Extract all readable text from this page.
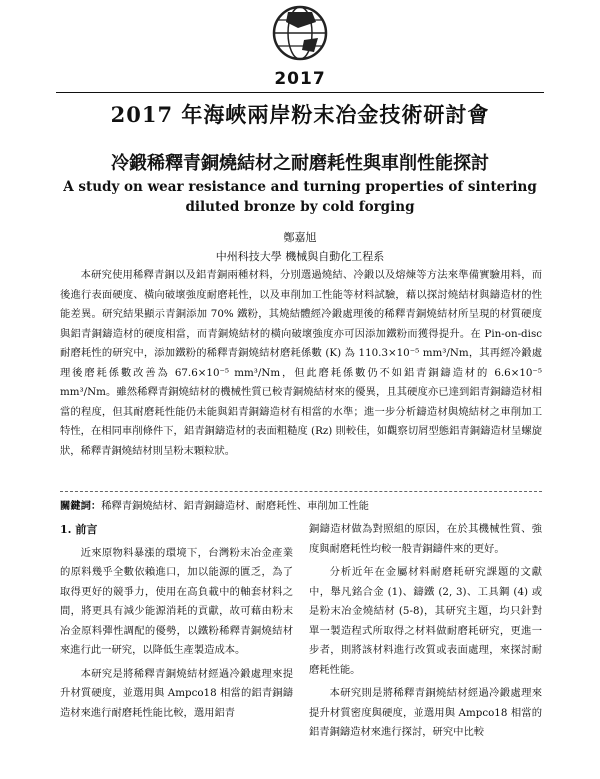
2017
2017 年海峽兩岸粉末冶金技術研討會
冷鍛稀釋青銅燒結材之耐磨耗性與車削性能探討
A study on wear resistance and turning properties of sintering diluted bronze by cold forging
鄭嘉旭
中州科技大學 機械與自動化工程系
本研究使用稀釋青銅以及鋁青銅兩種材料，分別選過燒結、冷鍛以及熔煉等方法來準備實驗用料，而後進行表面硬度、橫向破壞強度耐磨耗性，以及車削加工性能等材料試驗，藉以探討燒結材與鑄造材的性能差異。研究結果顯示青銅添加 70% 鐵粉，其燒結體經冷鍛處理後的稀釋青銅燒結材所呈現的材質硬度與鋁青銅鑄造材的硬度相當，而青銅燒結材的橫向破壞強度亦可因添加鐵粉而獲得提升。在 Pin-on-disc 耐磨耗性的研究中，添加鐵粉的稀釋青銅燒結材磨耗係數 (K) 為 110.3×10⁻⁵ mm³/Nm，其再經冷鍛處理後磨耗係數改善為 67.6×10⁻⁵ mm³/Nm，但此磨耗係數仍不如鋁青銅鑄造材的 6.6×10⁻⁵ mm³/Nm。雖然稀釋青銅燒結材的機械性質已較青銅燒結材來的優異，且其硬度亦已達到鋁青銅鑄造材相當的程度，但其耐磨耗性能仍未能與鋁青銅鑄造材有相當的水準；進一步分析鑄造材與燒結材之車削加工特性，在相同車削條件下，鋁青銅鑄造材的表面粗糙度 (Rz) 則較佳，如觀察切屑型態鋁青銅鑄造材呈螺旋狀，稀釋青銅燒結材則呈粉末顆粒狀。
關鍵詞：稀釋青銅燒結材、鋁青銅鑄造材、耐磨耗性、車削加工性能
1. 前言

近來原物料暴漲的環境下，台灣粉末冶金產業的原料幾乎全數依賴進口，加以能源的匱乏，為了取得更好的競爭力，使用在高負載中的軸套材料之間，將更具有減少能源消耗的貢獻，故可藉由粉末冶金原料彈性調配的優勢，以鐵粉稀釋青銅燒結材來進行此一研究，以降低生產製造成本。

本研究是將稀釋青銅燒結材經過冷鍛處理來提升材質硬度，並選用與 Ampco18 相當的鋁青銅鑄造材來進行耐磨耗性能比較，選用鋁青

銅鑄造材做為對照組的原因，在於其機械性質、強度與耐磨耗性均較一般青銅鑄件來的更好。

分析近年在金屬材料耐磨耗研究課題的文獻中，舉凡銘合金 (1)、鑄鐵 (2, 3)、工具鋼 (4) 或是粉末冶金燒結材 (5-8)，其研究主題，均只針對單一製造程式所取得之材料做耐磨耗研究，更進一步者，則將該材料進行改質或表面處理，來探討耐磨耗性能。

本研究則是將稀釋青銅燒結材經過冷鍛處理來提升材質密度與硬度，並選用與 Ampco18 相當的鋁青銅鑄造材來進行探討，研究中比較
